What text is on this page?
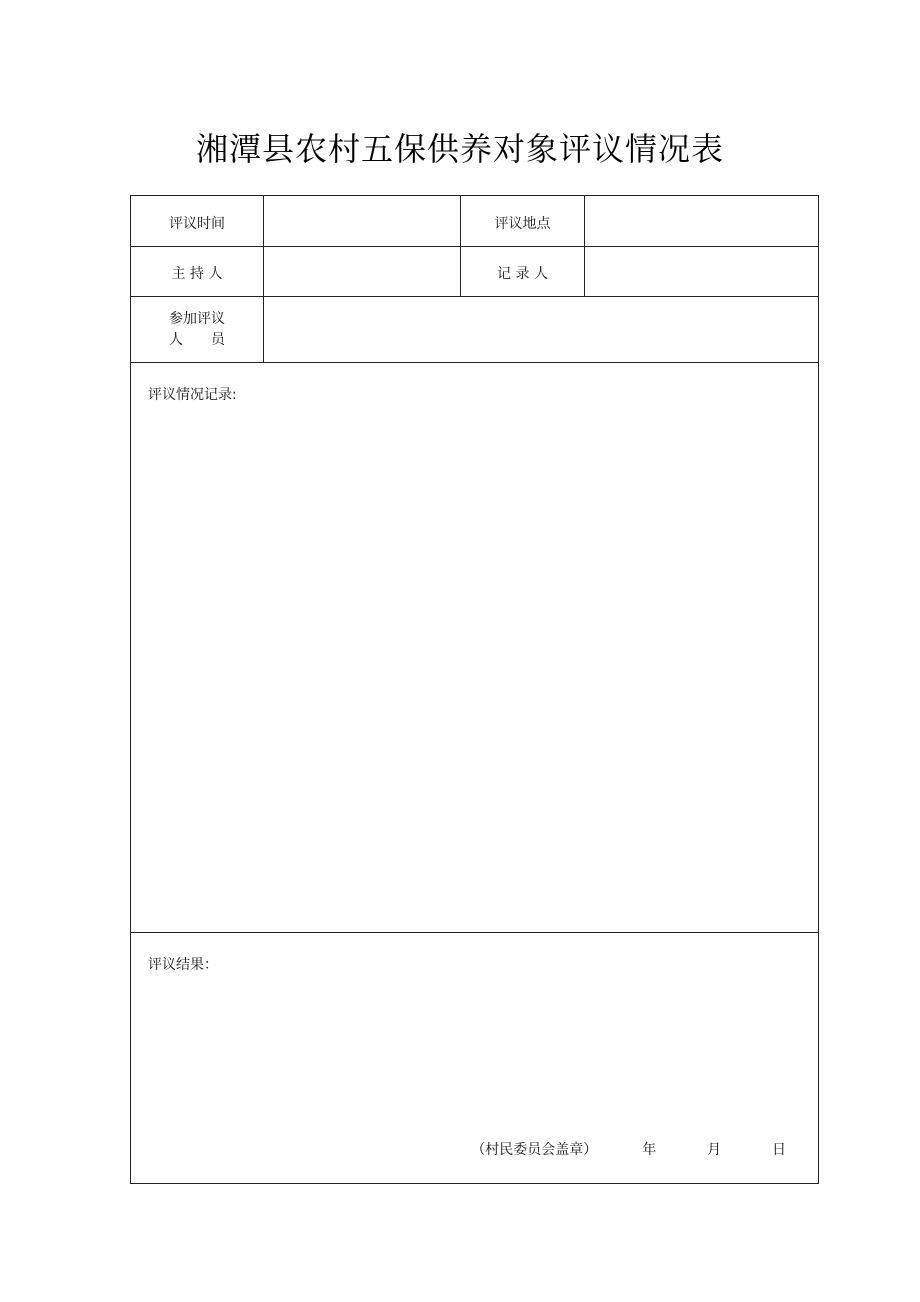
湘潭县农村五保供养对象评议情况表
评议时间	评议地点
主 持 人	记 录 人
参加评议
人　　员
评议情况记录:
评议结果：
（村民委员会盖章）	年	月	日
